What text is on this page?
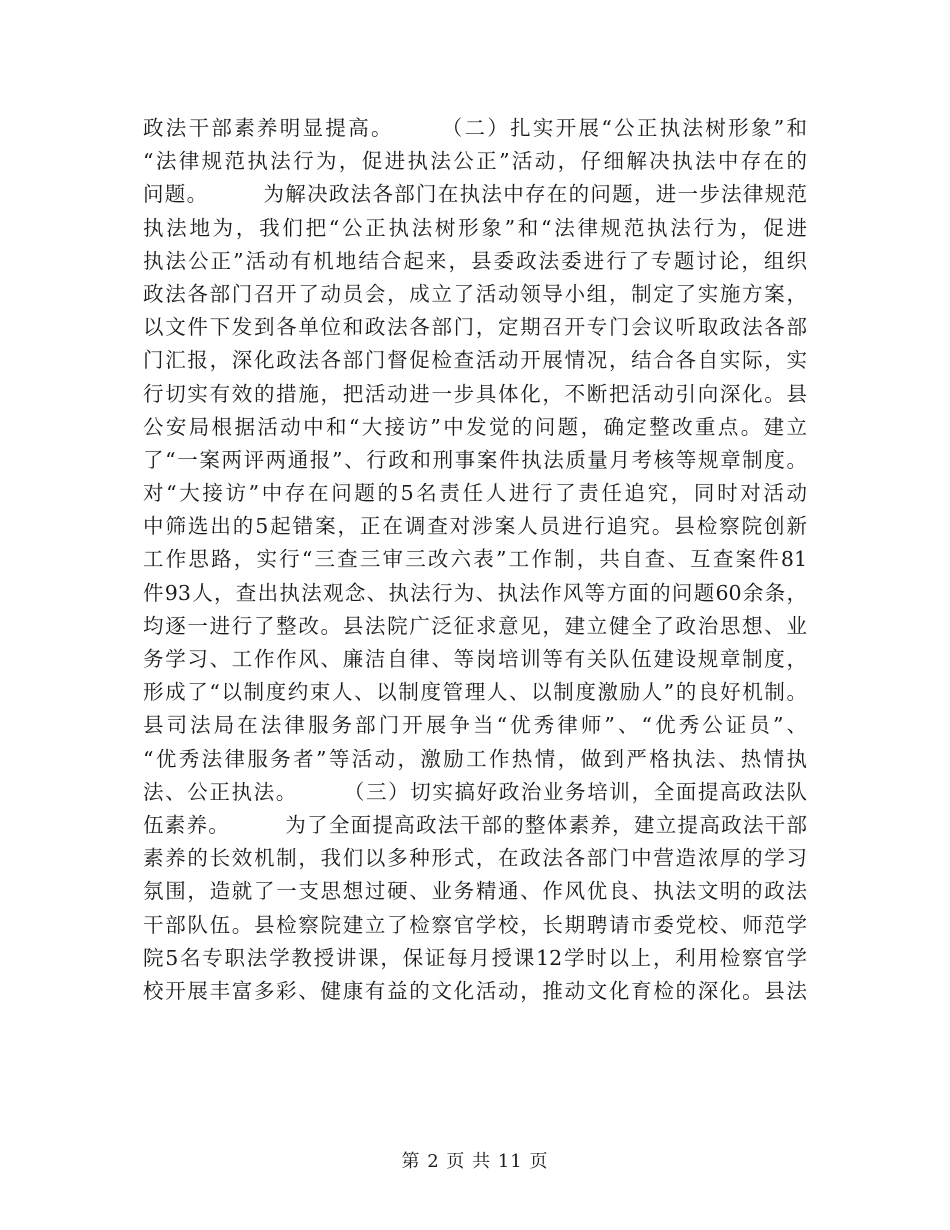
政法干部素养明显提高。　　　（二）扎实开展“公正执法树形象”和
“法律规范执法行为，促进执法公正”活动，仔细解决执法中存在的
问题。　　　为解决政法各部门在执法中存在的问题，进一步法律规范
执法地为，我们把“公正执法树形象”和“法律规范执法行为，促进
执法公正”活动有机地结合起来，县委政法委进行了专题讨论，组织
政法各部门召开了动员会，成立了活动领导小组，制定了实施方案，
以文件下发到各单位和政法各部门，定期召开专门会议听取政法各部
门汇报，深化政法各部门督促检查活动开展情况，结合各自实际，实
行切实有效的措施，把活动进一步具体化，不断把活动引向深化。县
公安局根据活动中和“大接访”中发觉的问题，确定整改重点。建立
了“一案两评两通报”、行政和刑事案件执法质量月考核等规章制度。
对“大接访”中存在问题的5名责任人进行了责任追究，同时对活动
中筛选出的5起错案，正在调查对涉案人员进行追究。县检察院创新
工作思路，实行“三查三审三改六表”工作制，共自查、互查案件81
件93人，查出执法观念、执法行为、执法作风等方面的问题60余条，
均逐一进行了整改。县法院广泛征求意见，建立健全了政治思想、业
务学习、工作作风、廉洁自律、等岗培训等有关队伍建设规章制度，
形成了“以制度约束人、以制度管理人、以制度激励人”的良好机制。
县司法局在法律服务部门开展争当“优秀律师”、“优秀公证员”、
“优秀法律服务者”等活动，激励工作热情，做到严格执法、热情执
法、公正执法。　　　（三）切实搞好政治业务培训，全面提高政法队
伍素养。　　　为了全面提高政法干部的整体素养，建立提高政法干部
素养的长效机制，我们以多种形式，在政法各部门中营造浓厚的学习
氛围，造就了一支思想过硬、业务精通、作风优良、执法文明的政法
干部队伍。县检察院建立了检察官学校，长期聘请市委党校、师范学
院5名专职法学教授讲课，保证每月授课12学时以上，利用检察官学
校开展丰富多彩、健康有益的文化活动，推动文化育检的深化。县法
第 2 页 共 11 页
